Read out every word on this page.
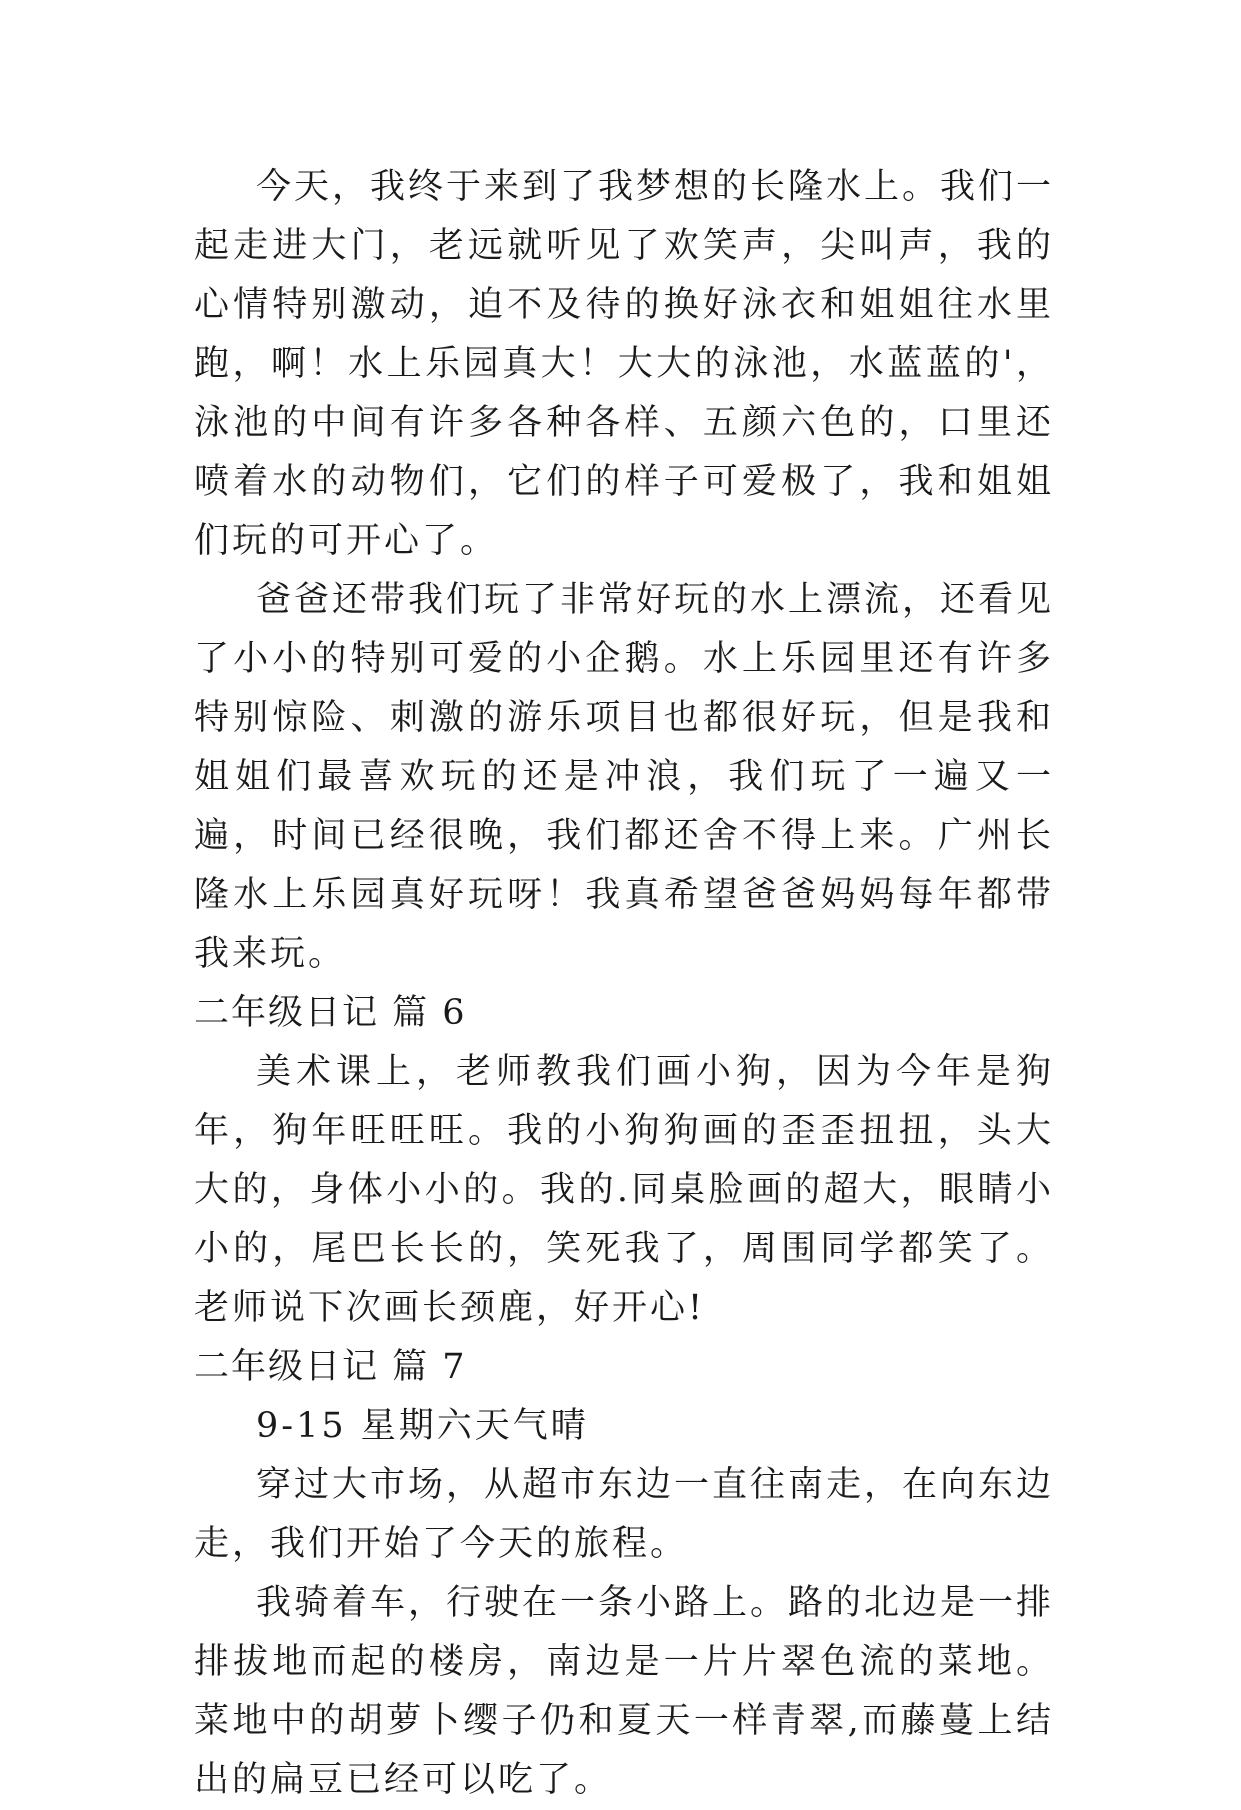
今天，我终于来到了我梦想的长隆水上。我们一起走进大门，老远就听见了欢笑声，尖叫声，我的心情特别激动，迫不及待的换好泳衣和姐姐往水里跑，啊！水上乐园真大！大大的泳池，水蓝蓝的'，泳池的中间有许多各种各样、五颜六色的，口里还喷着水的动物们，它们的样子可爱极了，我和姐姐们玩的可开心了。

爸爸还带我们玩了非常好玩的水上漂流，还看见了小小的特别可爱的小企鹅。水上乐园里还有许多特别惊险、刺激的游乐项目也都很好玩，但是我和姐姐们最喜欢玩的还是冲浪，我们玩了一遍又一遍，时间已经很晚，我们都还舍不得上来。广州长隆水上乐园真好玩呀！我真希望爸爸妈妈每年都带我来玩。

二年级日记 篇 6

美术课上，老师教我们画小狗，因为今年是狗年，狗年旺旺旺。我的小狗狗画的歪歪扭扭，头大大的，身体小小的。我的.同桌脸画的超大，眼睛小小的，尾巴长长的，笑死我了，周围同学都笑了。老师说下次画长颈鹿，好开心!

二年级日记 篇 7

9-15 星期六天气晴

穿过大市场，从超市东边一直往南走，在向东边走，我们开始了今天的旅程。

我骑着车，行驶在一条小路上。路的北边是一排排拔地而起的楼房，南边是一片片翠色流的菜地。菜地中的胡萝卜缨子仍和夏天一样青翠,而藤蔓上结出的扁豆已经可以吃了。
